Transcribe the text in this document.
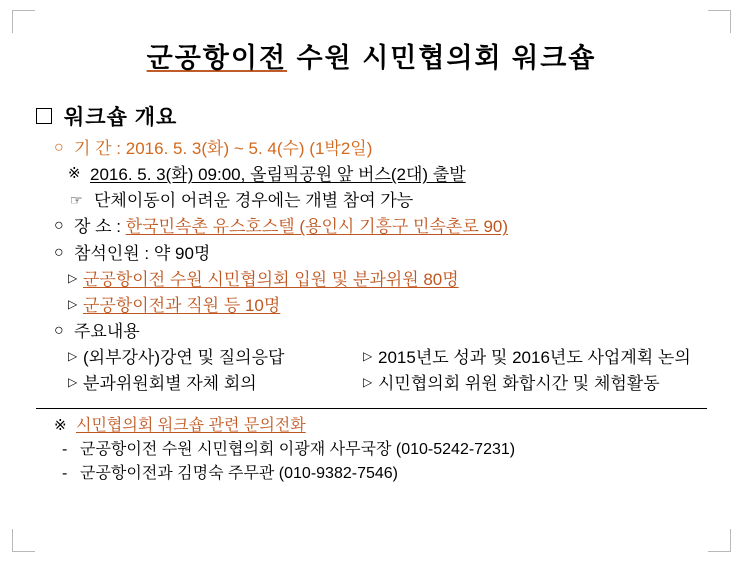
군공항이전 수원 시민협의회 워크숍
워크숍 개요
○ 기 간 : 2016. 5. 3(화) ~ 5. 4(수) (1박2일)
※ 2016. 5. 3(화) 09:00, 올림픽공원 앞 버스(2대) 출발
☞ 단체이동이 어려운 경우에는 개별 참여 가능
○ 장 소 : 한국민속촌 유스호스텔 (용인시 기흥구 민속촌로 90)
○ 참석인원 : 약 90명
▷ 군공항이전 수원 시민협의회 입원 및 분과위원 80명
▷ 군공항이전과 직원 등 10명
○ 주요내용
▷ (외부강사)강연 및 질의응답	▷ 2015년도 성과 및 2016년도 사업계획 논의
▷ 분과위원회별 자체 회의	▷ 시민협의회 위원 화합시간 및 체험활동
※ 시민협의회 워크숍 관련 문의전화
- 군공항이전 수원 시민협의회 이광재 사무국장 (010-5242-7231)
- 군공항이전과 김명숙 주무관 (010-9382-7546)
